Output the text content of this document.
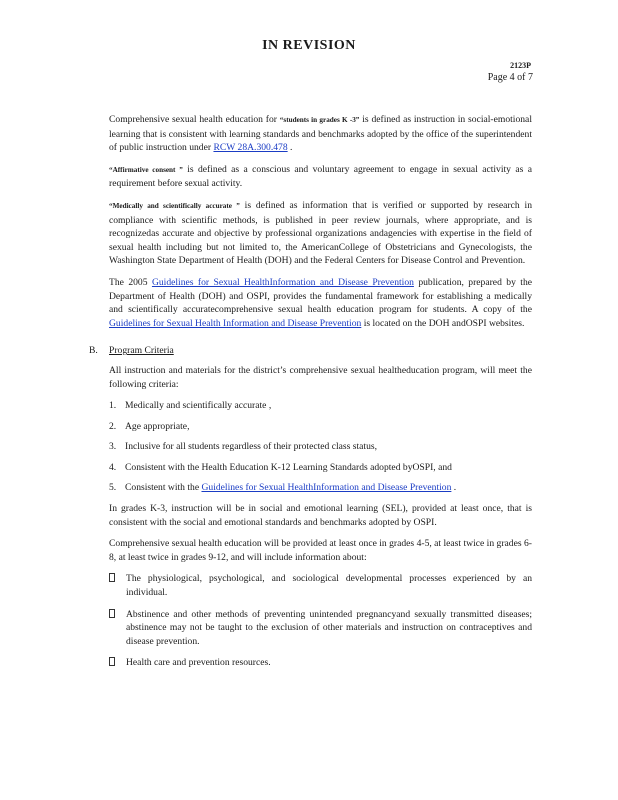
IN REVISION
2123P
Page 4 of 7

Comprehensive sexual health education for “students in grades K -3” is defined as instruction in social-emotional learning that is consistent with learning standards and benchmarks adopted by the office of the superintendent of public instruction under RCW 28A.300.478 .

“Affirmative consent ” is defined as a conscious and voluntary agreement to engage in sexual activity as a requirement before sexual activity.

“Medically and scientifically accurate ” is defined as information that is verified or supported by research in compliance with scientific methods, is published in peer review journals, where appropriate, and is recognizedas accurate and objective by professional organizations andagencies with expertise in the field of sexual health including but not limited to, the AmericanCollege of Obstetricians and Gynecologists, the Washington State Department of Health (DOH) and the Federal Centers for Disease Control and Prevention.

The 2005 Guidelines for Sexual HealthInformation and Disease Prevention publication, prepared by the Department of Health (DOH) and OSPI, provides the fundamental framework for establishing a medically and scientifically accuratecomprehensive sexual health education program for students. A copy of the Guidelines for Sexual Health Information and Disease Prevention is located on the DOH andOSPI websites.

B. Program Criteria

All instruction and materials for the district’s comprehensive sexual healtheducation program, will meet the following criteria:

1. Medically and scientifically accurate ,
2. Age appropriate,
3. Inclusive for all students regardless of their protected class status,
4. Consistent with the Health Education K-12 Learning Standards adopted byOSPI, and
5. Consistent with the Guidelines for Sexual HealthInformation and Disease Prevention .

In grades K-3, instruction will be in social and emotional learning (SEL), provided at least once, that is consistent with the social and emotional standards and benchmarks adopted by OSPI.

Comprehensive sexual health education will be provided at least once in grades 4-5, at least twice in grades 6-8, at least twice in grades 9-12, and will include information about:

The physiological, psychological, and sociological developmental processes experienced by an individual.
Abstinence and other methods of preventing unintended pregnancyand sexually transmitted diseases; abstinence may not be taught to the exclusion of other materials and instruction on contraceptives and disease prevention.
Health care and prevention resources.
